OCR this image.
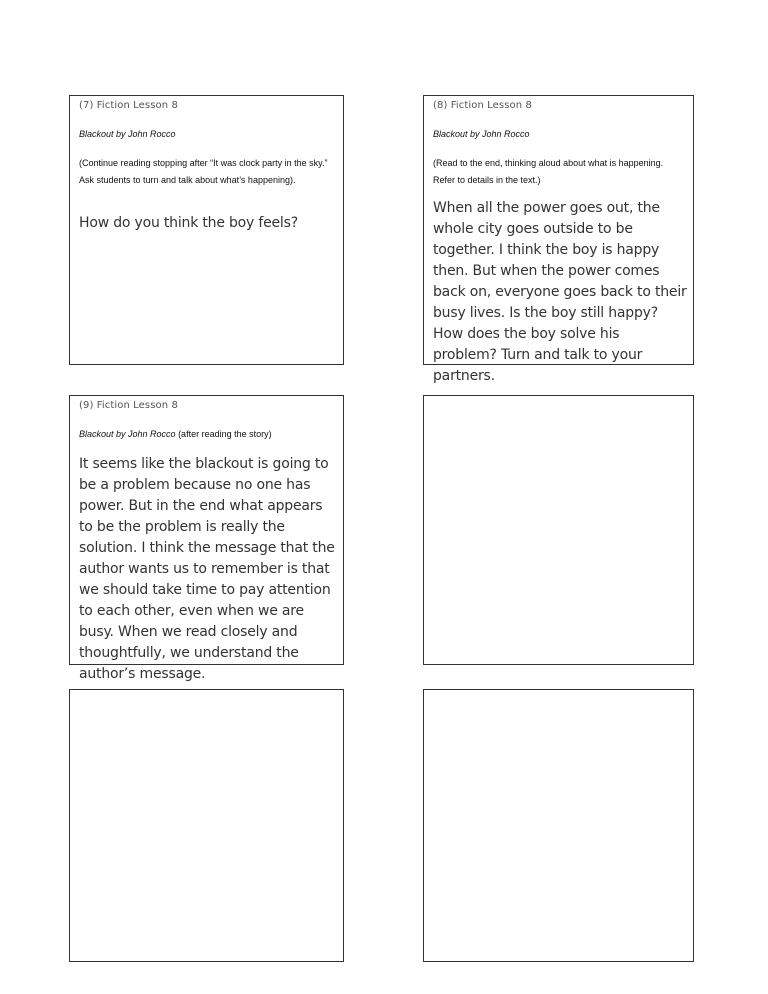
(7) Fiction Lesson 8
Blackout by John Rocco
(Continue reading stopping after “It was clock party in the sky.” Ask students to turn and talk about what’s happening).
How do you think the boy feels?
(8) Fiction Lesson 8
Blackout by John Rocco
(Read to the end, thinking aloud about what is happening. Refer to details in the text.)
When all the power goes out, the whole city goes outside to be together. I think the boy is happy then. But when the power comes back on, everyone goes back to their busy lives. Is the boy still happy? How does the boy solve his problem? Turn and talk to your partners.
(9) Fiction Lesson 8
Blackout by John Rocco (after reading the story)
It seems like the blackout is going to be a problem because no one has power. But in the end what appears to be the problem is really the solution. I think the message that the author wants us to remember is that we should take time to pay attention to each other, even when we are busy. When we read closely and thoughtfully, we understand the author’s message.
